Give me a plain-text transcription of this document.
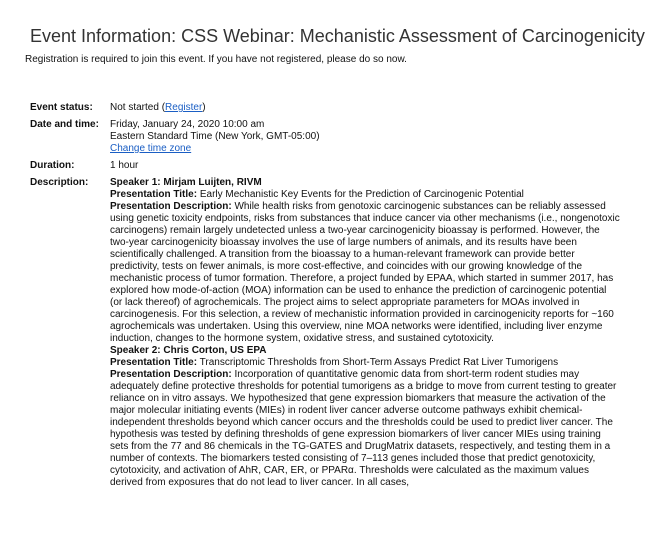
Event Information: CSS Webinar: Mechanistic Assessment of Carcinogenicity
Registration is required to join this event. If you have not registered, please do so now.
Event status:	Not started (Register)
Date and time:	Friday, January 24, 2020 10:00 am

Eastern Standard Time (New York, GMT-05:00)

Change time zone

Duration:	1 hour
Description:	Speaker 1: Mirjam Luijten, RIVM

Presentation Title: Early Mechanistic Key Events for the Prediction of Carcinogenic Potential
Presentation Description: While health risks from genotoxic carcinogenic substances can be reliably assessed using genetic toxicity endpoints, risks from substances that induce cancer via other mechanisms (i.e., nongenotoxic carcinogens) remain largely undetected unless a two-year carcinogenicity bioassay is performed. However, the two-year carcinogenicity bioassay involves the use of large numbers of animals, and its results have been scientifically challenged. A transition from the bioassay to a human-relevant framework can provide better predictivity, tests on fewer animals, is more cost-effective, and coincides with our growing knowledge of the mechanistic process of tumor formation. Therefore, a project funded by EPAA, which started in summer 2017, has explored how mode-of-action (MOA) information can be used to enhance the prediction of carcinogenic potential (or lack thereof) of agrochemicals. The project aims to select appropriate parameters for MOAs involved in carcinogenesis. For this selection, a review of mechanistic information provided in carcinogenicity reports for ~160 agrochemicals was undertaken. Using this overview, nine MOA networks were identified, including liver enzyme induction, changes to the hormone system, oxidative stress, and sustained cytotoxicity.

Speaker 2: Chris Corton, US EPA

Presentation Title: Transcriptomic Thresholds from Short-Term Assays Predict Rat Liver Tumorigens
Presentation Description: Incorporation of quantitative genomic data from short-term rodent studies may adequately define protective thresholds for potential tumorigens as a bridge to move from current testing to greater reliance on in vitro assays. We hypothesized that gene expression biomarkers that measure the activation of the major molecular initiating events (MIEs) in rodent liver cancer adverse outcome pathways exhibit chemical-independent thresholds beyond which cancer occurs and the thresholds could be used to predict liver cancer. The hypothesis was tested by defining thresholds of gene expression biomarkers of liver cancer MIEs using training sets from the 77 and 86 chemicals in the TG-GATES and DrugMatrix datasets, respectively, and testing them in a number of contexts. The biomarkers tested consisting of 7–113 genes included those that predict genotoxicity, cytotoxicity, and activation of AhR, CAR, ER, or PPARα. Thresholds were calculated as the maximum values derived from exposures that do not lead to liver cancer. In all cases,
